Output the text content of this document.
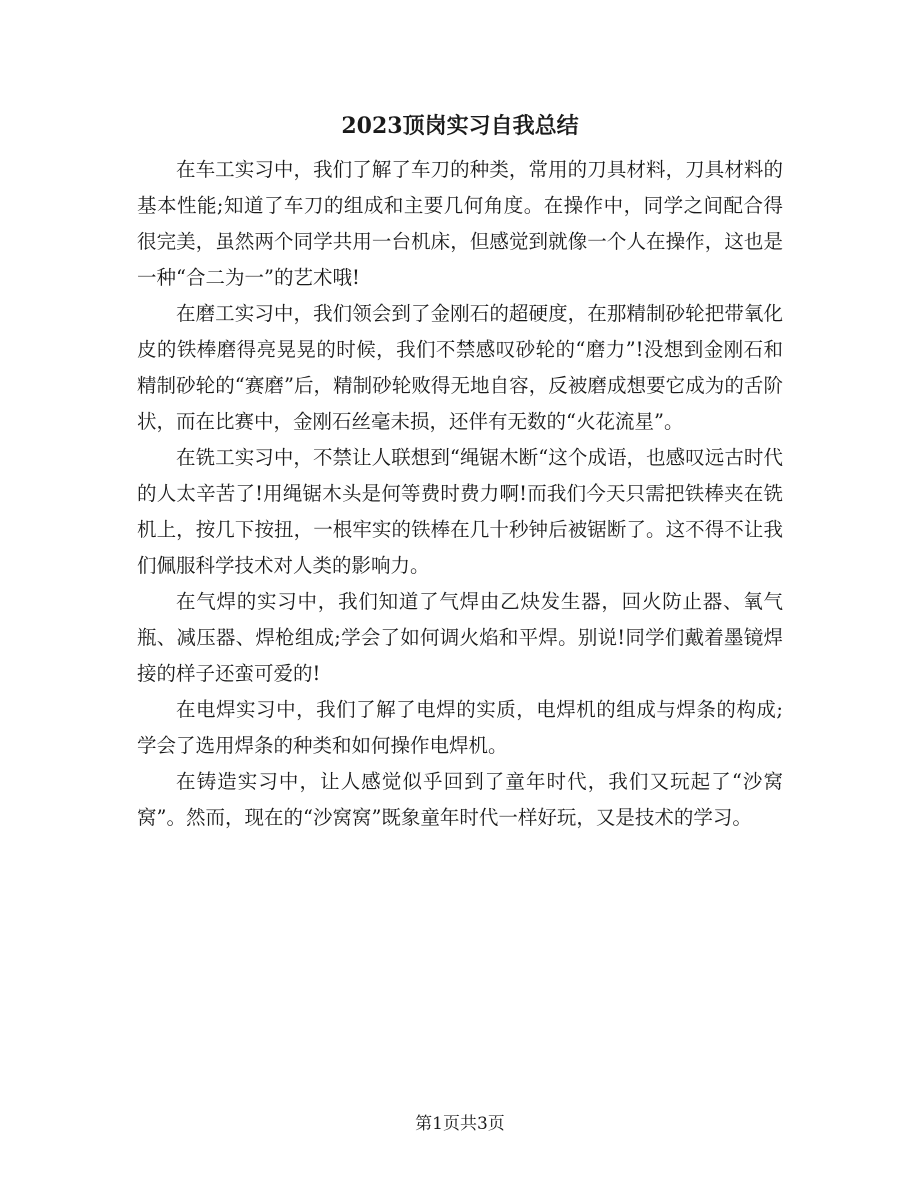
2023顶岗实习自我总结

在车工实习中，我们了解了车刀的种类，常用的刀具材料，刀具材料的基本性能;知道了车刀的组成和主要几何角度。在操作中，同学之间配合得很完美，虽然两个同学共用一台机床，但感觉到就像一个人在操作，这也是一种“合二为一”的艺术哦!

在磨工实习中，我们领会到了金刚石的超硬度，在那精制砂轮把带氧化皮的铁棒磨得亮晃晃的时候，我们不禁感叹砂轮的“磨力”!没想到金刚石和精制砂轮的“赛磨”后，精制砂轮败得无地自容，反被磨成想要它成为的舌阶状，而在比赛中，金刚石丝毫未损，还伴有无数的“火花流星”。

在铣工实习中，不禁让人联想到“绳锯木断“这个成语，也感叹远古时代的人太辛苦了!用绳锯木头是何等费时费力啊!而我们今天只需把铁棒夹在铣机上，按几下按扭，一根牢实的铁棒在几十秒钟后被锯断了。这不得不让我们佩服科学技术对人类的影响力。

在气焊的实习中，我们知道了气焊由乙炔发生器，回火防止器、氧气瓶、减压器、焊枪组成;学会了如何调火焰和平焊。别说!同学们戴着墨镜焊接的样子还蛮可爱的!

在电焊实习中，我们了解了电焊的实质，电焊机的组成与焊条的构成;学会了选用焊条的种类和如何操作电焊机。

在铸造实习中，让人感觉似乎回到了童年时代，我们又玩起了“沙窝窝”。然而，现在的“沙窝窝”既象童年时代一样好玩，又是技术的学习。

第1页共3页
